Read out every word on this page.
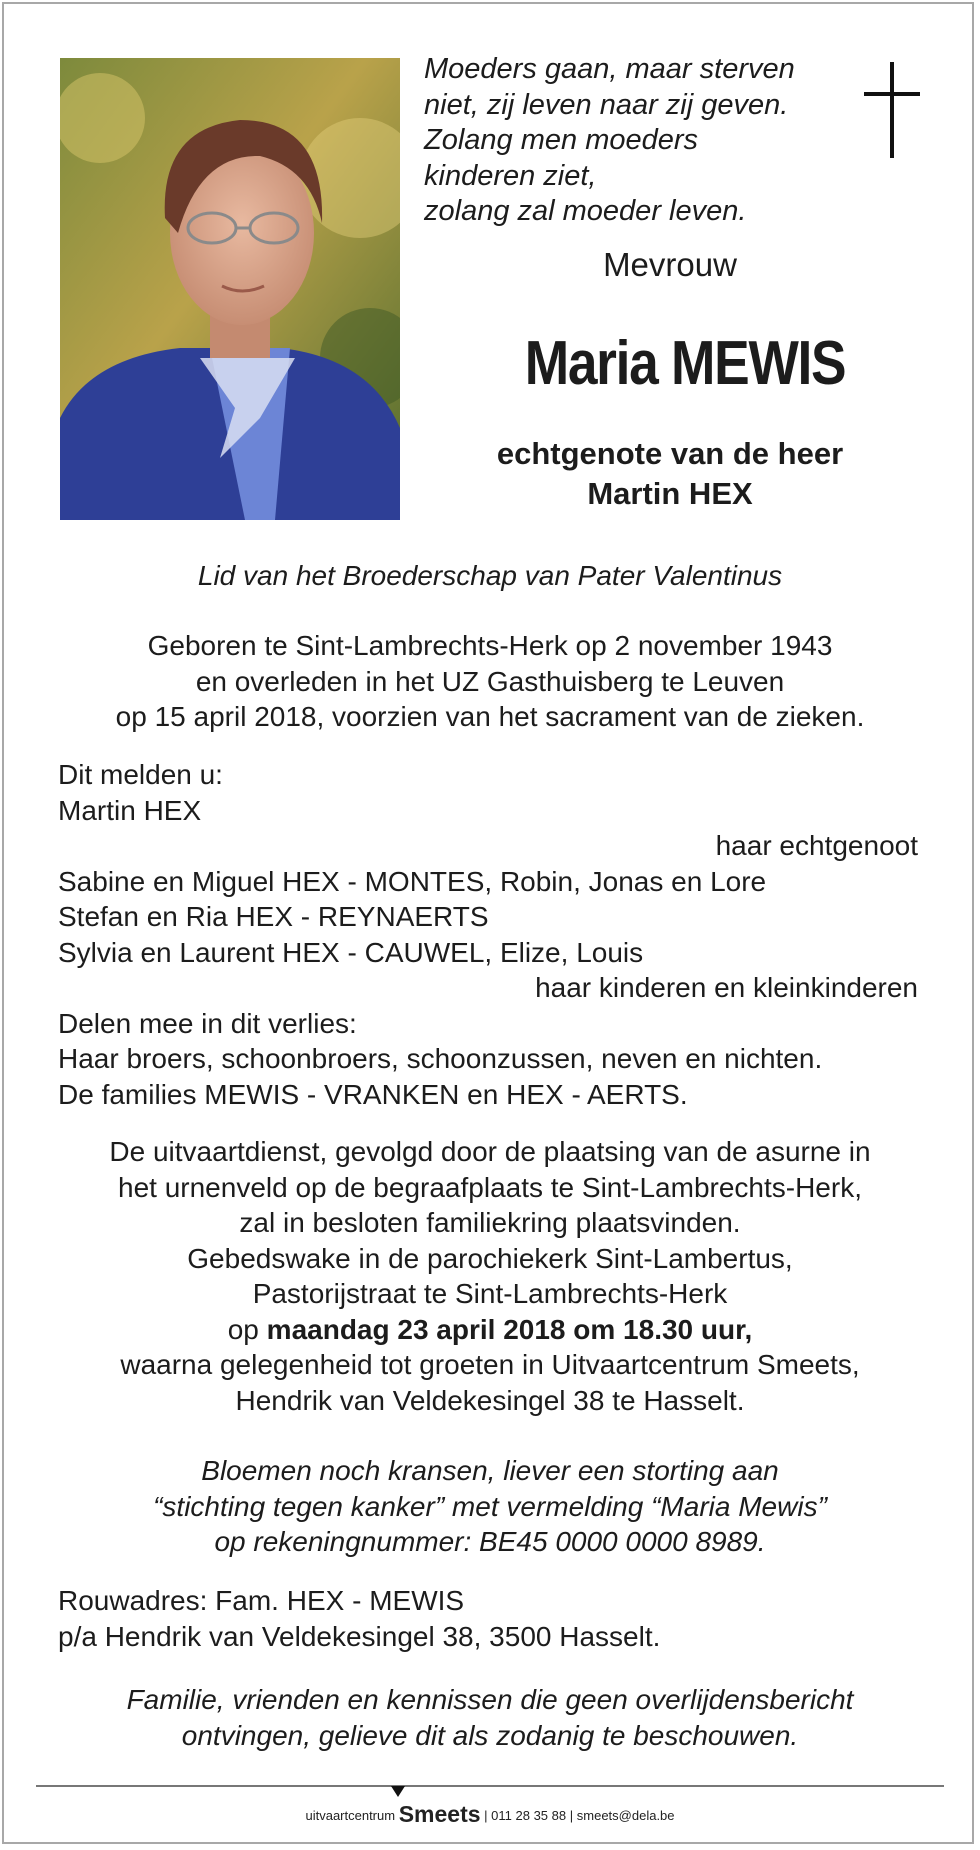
Moeders gaan, maar sterven
niet, zij leven naar zij geven.
Zolang men moeders
kinderen ziet,
zolang zal moeder leven.
Mevrouw
Maria MEWIS
echtgenote van de heer
Martin HEX
Lid van het Broederschap van Pater Valentinus
Geboren te Sint-Lambrechts-Herk op 2 november 1943
en overleden in het UZ Gasthuisberg te Leuven
op 15 april 2018, voorzien van het sacrament van de zieken.
Dit melden u:
Martin HEX
haar echtgenoot
Sabine en Miguel HEX - MONTES, Robin, Jonas en Lore
Stefan en Ria HEX - REYNAERTS
Sylvia en Laurent HEX - CAUWEL, Elize, Louis
haar kinderen en kleinkinderen
Delen mee in dit verlies:
Haar broers, schoonbroers, schoonzussen, neven en nichten.
De families MEWIS - VRANKEN en HEX - AERTS.
De uitvaartdienst, gevolgd door de plaatsing van de asurne in
het urnenveld op de begraafplaats te Sint-Lambrechts-Herk,
zal in besloten familiekring plaatsvinden.
Gebedswake in de parochiekerk Sint-Lambertus,
Pastorijstraat te Sint-Lambrechts-Herk
op maandag 23 april 2018 om 18.30 uur,
waarna gelegenheid tot groeten in Uitvaartcentrum Smeets,
Hendrik van Veldekesingel 38 te Hasselt.
Bloemen noch kransen, liever een storting aan
“stichting tegen kanker” met vermelding “Maria Mewis”
op rekeningnummer: BE45 0000 0000 8989.
Rouwadres: Fam. HEX - MEWIS
p/a Hendrik van Veldekesingel 38, 3500 Hasselt.
Familie, vrienden en kennissen die geen overlijdensbericht
ontvingen, gelieve dit als zodanig te beschouwen.
uitvaartcentrum Smeets | 011 28 35 88 | smeets@dela.be
